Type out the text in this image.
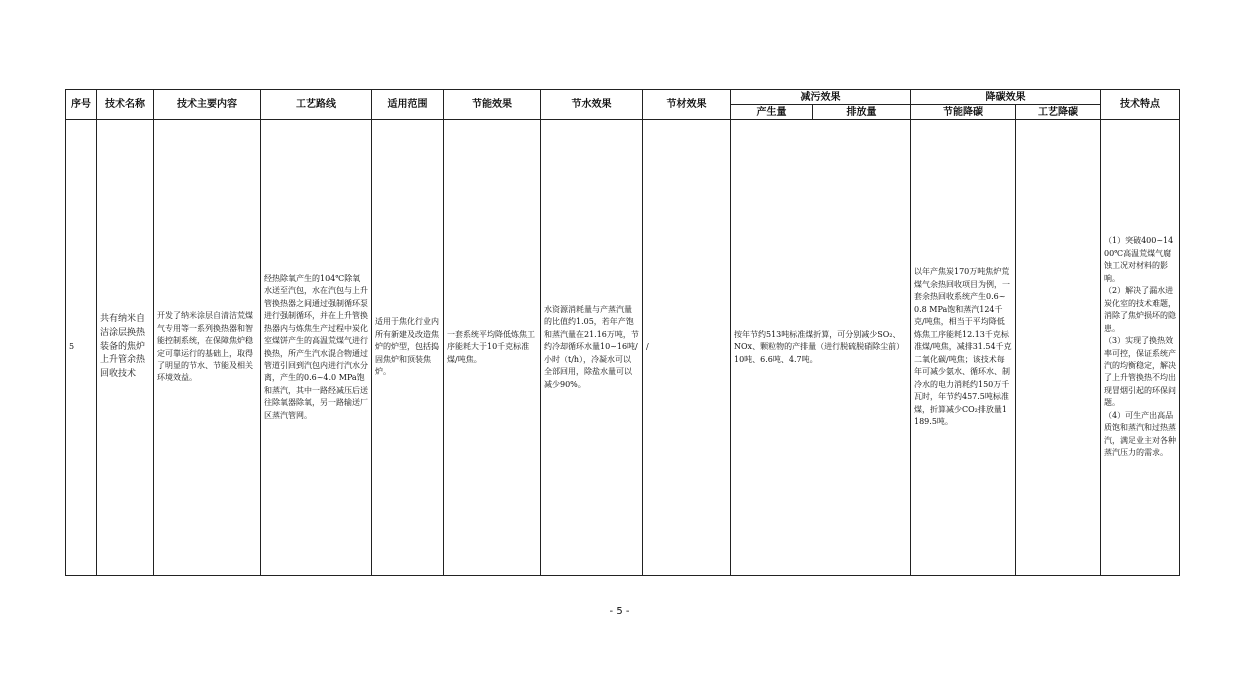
序号	技术名称	技术主要内容	工艺路线	适用范围	节能效果	节水效果	节材效果	减污效果		降碳效果		技术特点
								产生量	排放量	节能降碳	工艺降碳	
5	共有纳米自洁涂层换热装备的焦炉上升管余热回收技术	开发了纳米涂层自清洁荒煤气专用等一系列换热器和智能控制系统，在保障焦炉稳定可靠运行的基础上，取得了明显的节水、节能及相关环境效益。	经热除氧产生的104℃除氧水送至汽包，水在汽包与上升管换热器之间通过强制循环泵进行强制循环，并在上升管换热器内与炼焦生产过程中炭化室煤饼产生的高温荒煤气进行换热，所产生汽水混合物通过管道引回到汽包内进行汽水分离，产生的0.6~4.0 MPa饱和蒸汽，其中一路经减压后送往除氧器除氧，另一路输送厂区蒸汽管网。	适用于焦化行业内所有新建及改造焦炉的炉型，包括捣固焦炉和顶装焦炉。	一套系统平均降低炼焦工序能耗大于10千克标准煤/吨焦。	水资源消耗量与产蒸汽量的比值约1.05，若年产饱和蒸汽量在21.16万吨，节约冷却循环水量10~16吨/小时（t/h），冷凝水可以全部回用，除盐水量可以减少90%。	/	按年节约513吨标准煤折算，可分别减少SO₂、NOx、颗粒物的产排量（进行脱硫脱硝除尘前）10吨、6.6吨、4.7吨。		以年产焦炭170万吨焦炉荒煤气余热回收项目为例，一套余热回收系统产生0.6~0.8 MPa饱和蒸汽124千克/吨焦，相当于平均降低炼焦工序能耗12.13千克标准煤/吨焦，减排31.54千克二氧化碳/吨焦；该技术每年可减少氨水、循环水、制冷水的电力消耗约150万千瓦时，年节约457.5吨标准煤，折算减少CO₂排放量1189.5吨。		（1）突破400~1400℃高温荒煤气腐蚀工况对材料的影响。
（2）解决了漏水进炭化室的技术难题，消除了焦炉损坏的隐患。
（3）实现了换热效率可控，保证系统产汽的均衡稳定，解决了上升管换热不均出现冒烟引起的环保问题。
（4）可生产出高品质饱和蒸汽和过热蒸汽，满足业主对各种蒸汽压力的需求。
- 5 -
